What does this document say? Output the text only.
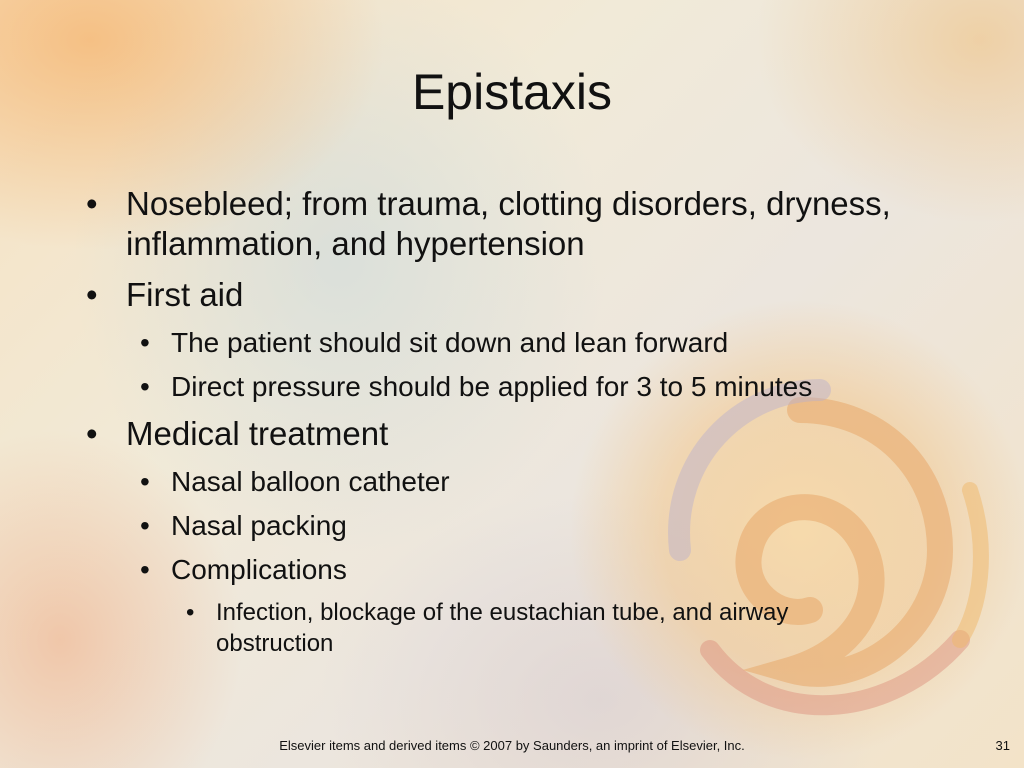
Epistaxis

• Nosebleed; from trauma, clotting disorders, dryness, inflammation, and hypertension

• First aid

• The patient should sit down and lean forward

• Direct pressure should be applied for 3 to 5 minutes

• Medical treatment

• Nasal balloon catheter

• Nasal packing

• Complications

• Infection, blockage of the eustachian tube, and airway obstruction

Elsevier items and derived items © 2007 by Saunders, an imprint of Elsevier, Inc.	31
